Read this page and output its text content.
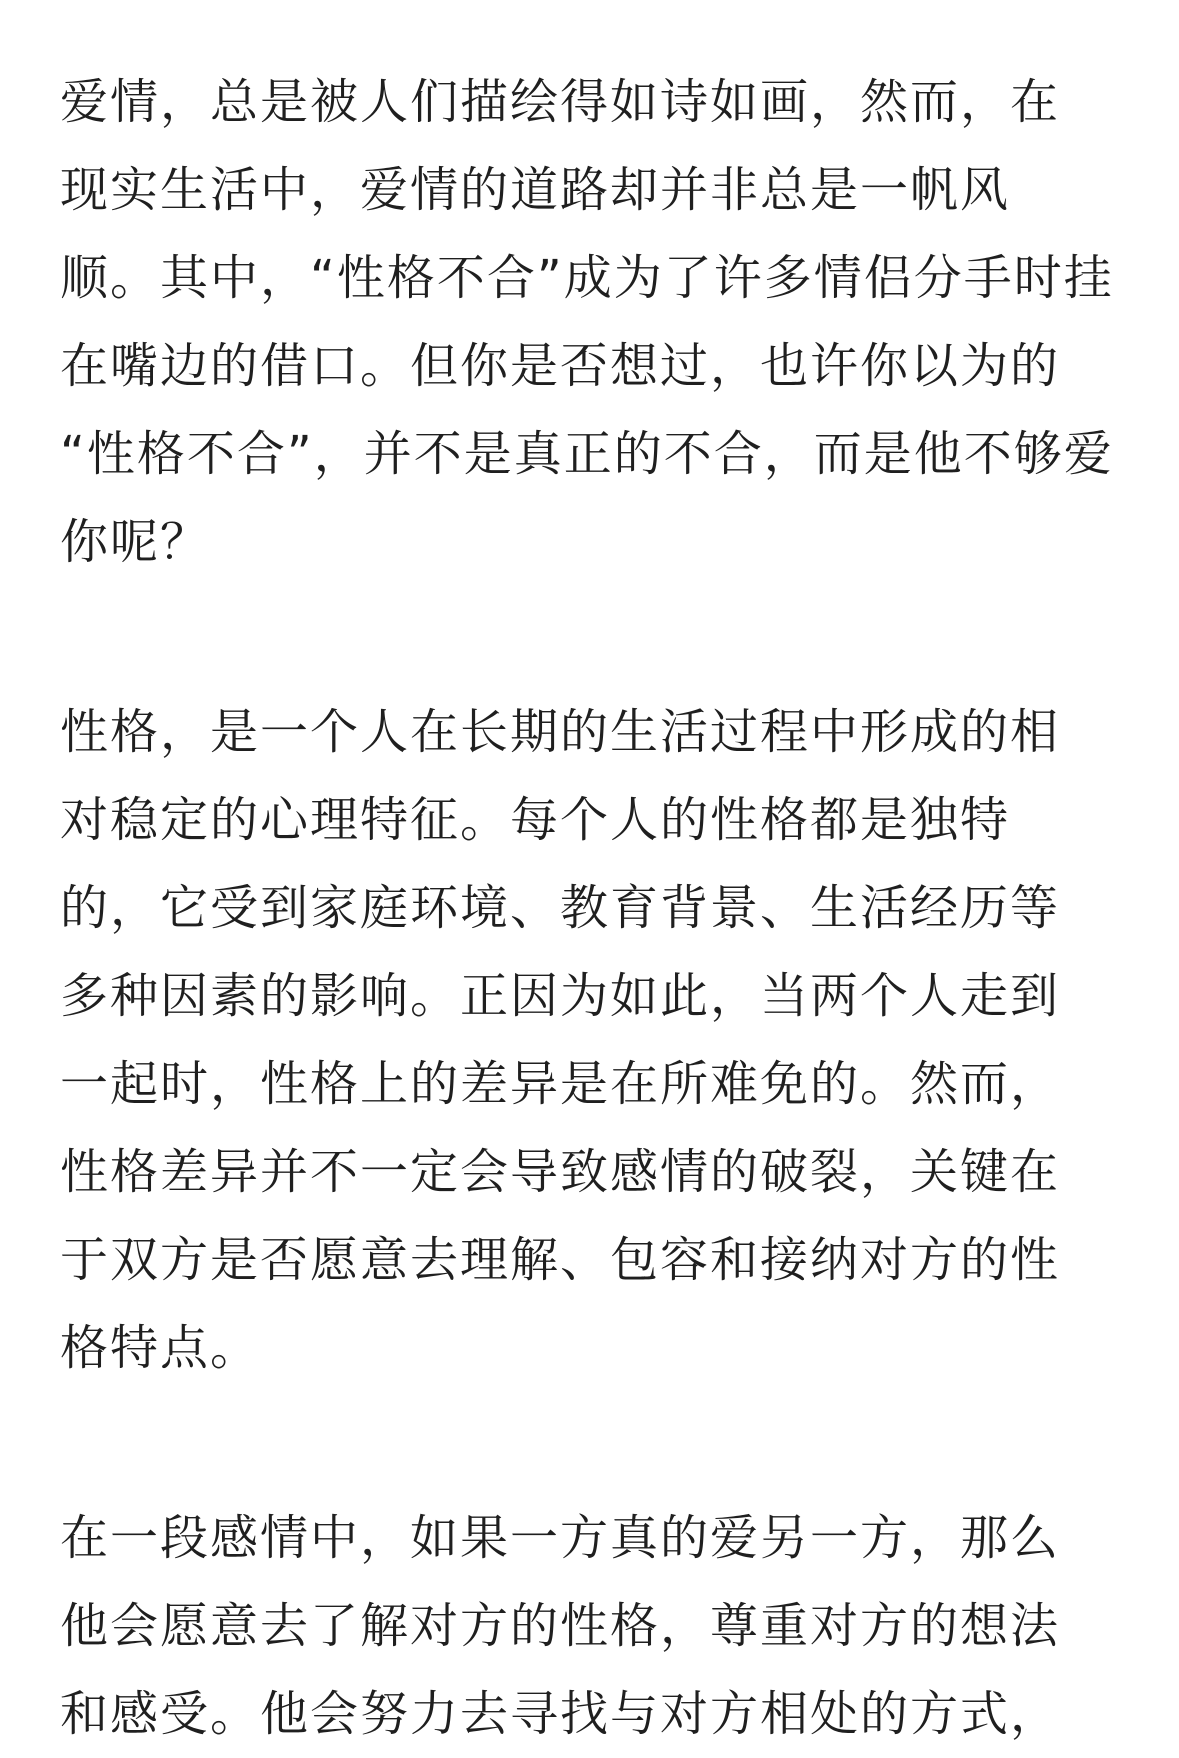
爱情，总是被人们描绘得如诗如画，然而，在
现实生活中，爱情的道路却并非总是一帆风
顺。其中，“性格不合”成为了许多情侣分手时挂
在嘴边的借口。但你是否想过，也许你以为的
“性格不合”，并不是真正的不合，而是他不够爱
你呢？
性格，是一个人在长期的生活过程中形成的相
对稳定的心理特征。每个人的性格都是独特
的，它受到家庭环境、教育背景、生活经历等
多种因素的影响。正因为如此，当两个人走到
一起时，性格上的差异是在所难免的。然而，
性格差异并不一定会导致感情的破裂，关键在
于双方是否愿意去理解、包容和接纳对方的性
格特点。
在一段感情中，如果一方真的爱另一方，那么
他会愿意去了解对方的性格，尊重对方的想法
和感受。他会努力去寻找与对方相处的方式，
